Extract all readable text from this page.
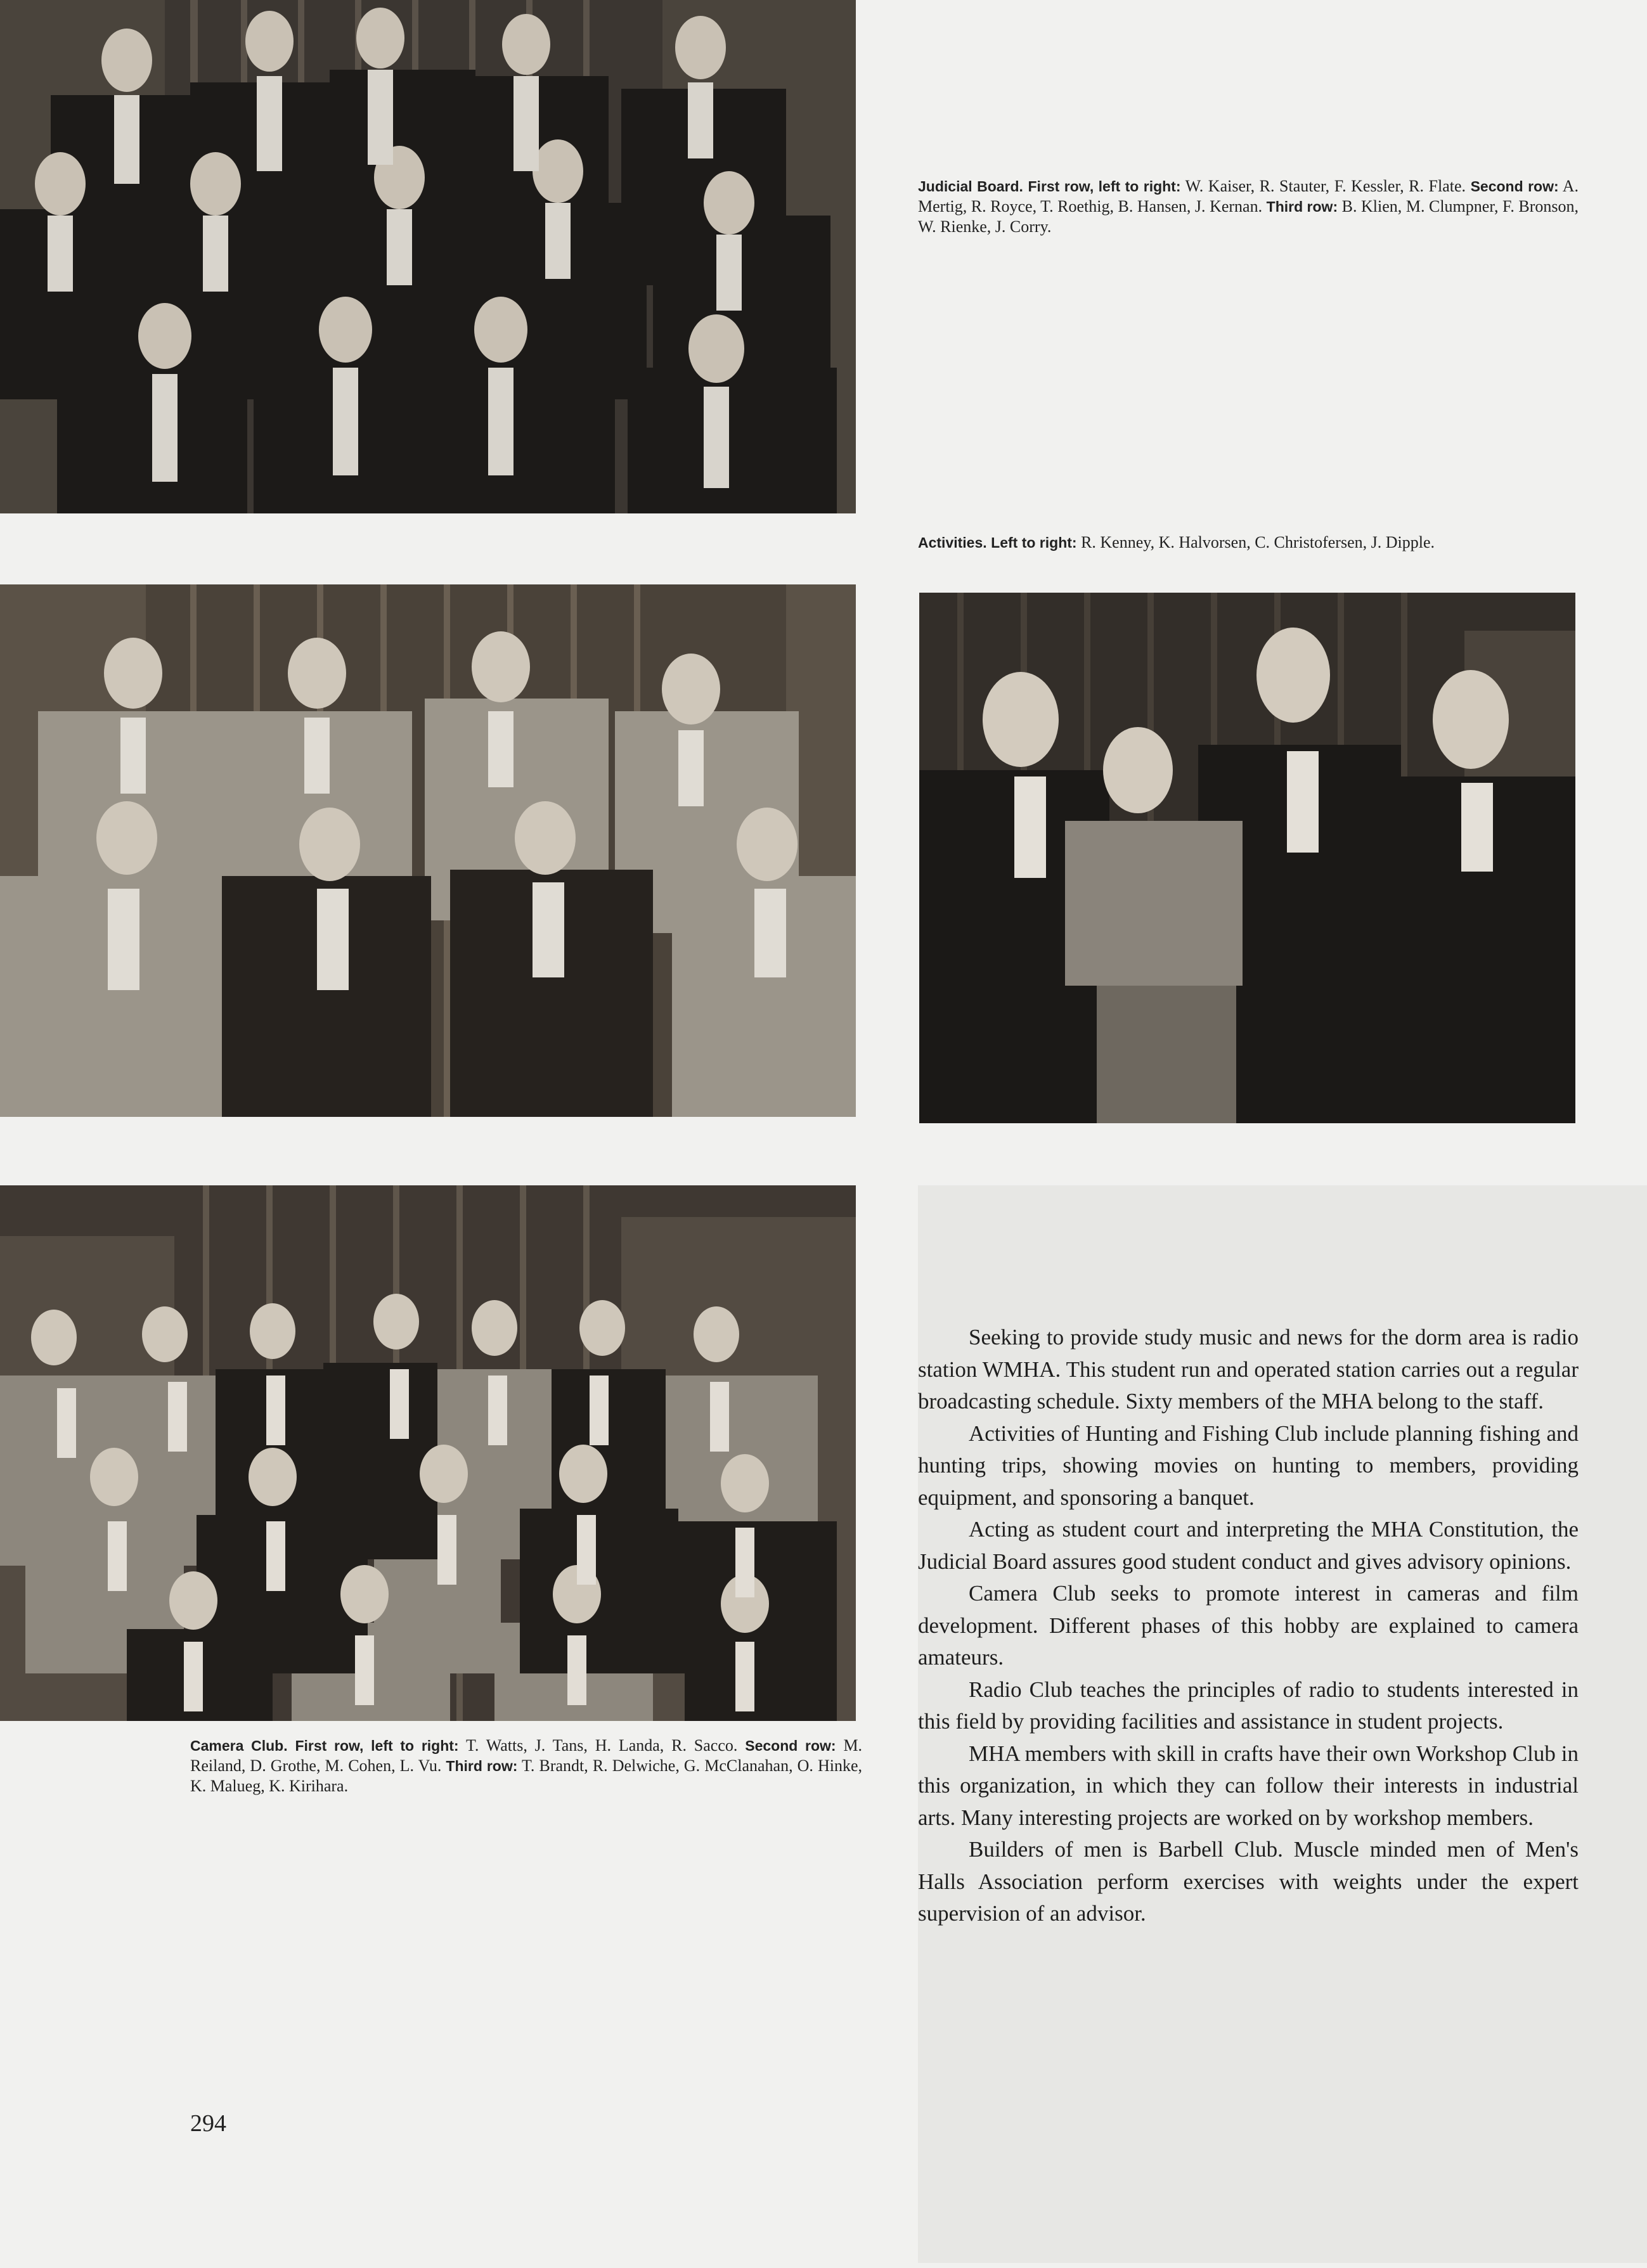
Judicial Board. First row, left to right: W. Kaiser, R. Stauter, F. Kessler, R. Flate. Second row: A. Mertig, R. Royce, T. Roethig, B. Hansen, J. Kernan. Third row: B. Klien, M. Clumpner, F. Bronson, W. Rienke, J. Corry.
Activities. Left to right: R. Kenney, K. Halvorsen, C. Christofersen, J. Dipple.
Camera Club. First row, left to right: T. Watts, J. Tans, H. Landa, R. Sacco. Second row: M. Reiland, D. Grothe, M. Cohen, L. Vu. Third row: T. Brandt, R. Delwiche, G. McClanahan, O. Hinke, K. Malueg, K. Kirihara.

Seeking to provide study music and news for the dorm area is radio station WMHA. This student run and operated station carries out a regular broadcasting schedule. Sixty members of the MHA belong to the staff.

Activities of Hunting and Fishing Club include planning fishing and hunting trips, showing movies on hunting to members, providing equipment, and sponsoring a banquet.

Acting as student court and interpreting the MHA Constitution, the Judicial Board assures good student conduct and gives advisory opinions.

Camera Club seeks to promote interest in cameras and film development. Different phases of this hobby are explained to camera amateurs.

Radio Club teaches the principles of radio to students interested in this field by providing facilities and assistance in student projects.

MHA members with skill in crafts have their own Workshop Club in this organization, in which they can follow their interests in industrial arts. Many interesting projects are worked on by workshop members.

Builders of men is Barbell Club. Muscle minded men of Men's Halls Association perform exercises with weights under the expert supervision of an advisor.

294
